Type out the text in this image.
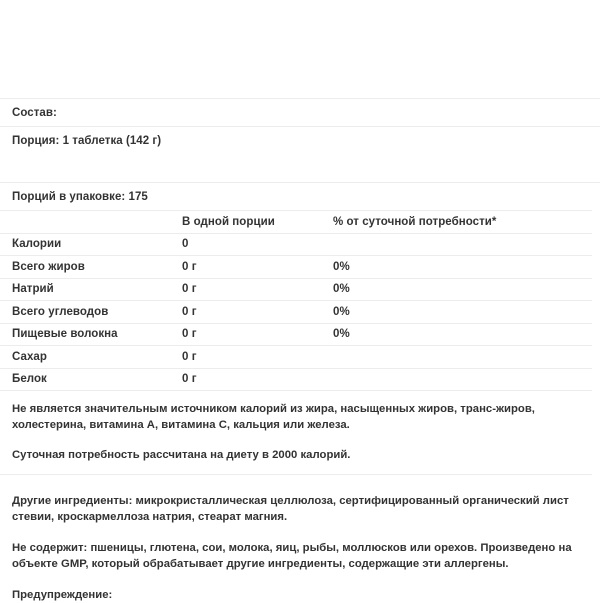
Состав:
Порция: 1 таблетка (142 г)
Порций в упаковке: 175
	В одной порции	% от суточной потребности*
Калории	0	
Всего жиров	0 г	0%
Натрий	0 г	0%
Всего углеводов	0 г	0%
Пищевые волокна	0 г	0%
Сахар	0 г	
Белок	0 г	

Не является значительным источником калорий из жира, насыщенных жиров, транс-жиров, холестерина, витамина A, витамина C, кальция или железа.

Суточная потребность рассчитана на диету в 2000 калорий.

Другие ингредиенты: микрокристаллическая целлюлоза, сертифицированный органический лист стевии, кроскармеллоза натрия, стеарат магния.

Не содержит: пшеницы, глютена, сои, молока, яиц, рыбы, моллюсков или орехов. Произведено на объекте GMP, который обрабатывает другие ингредиенты, содержащие эти аллергены.

Предупреждение:
